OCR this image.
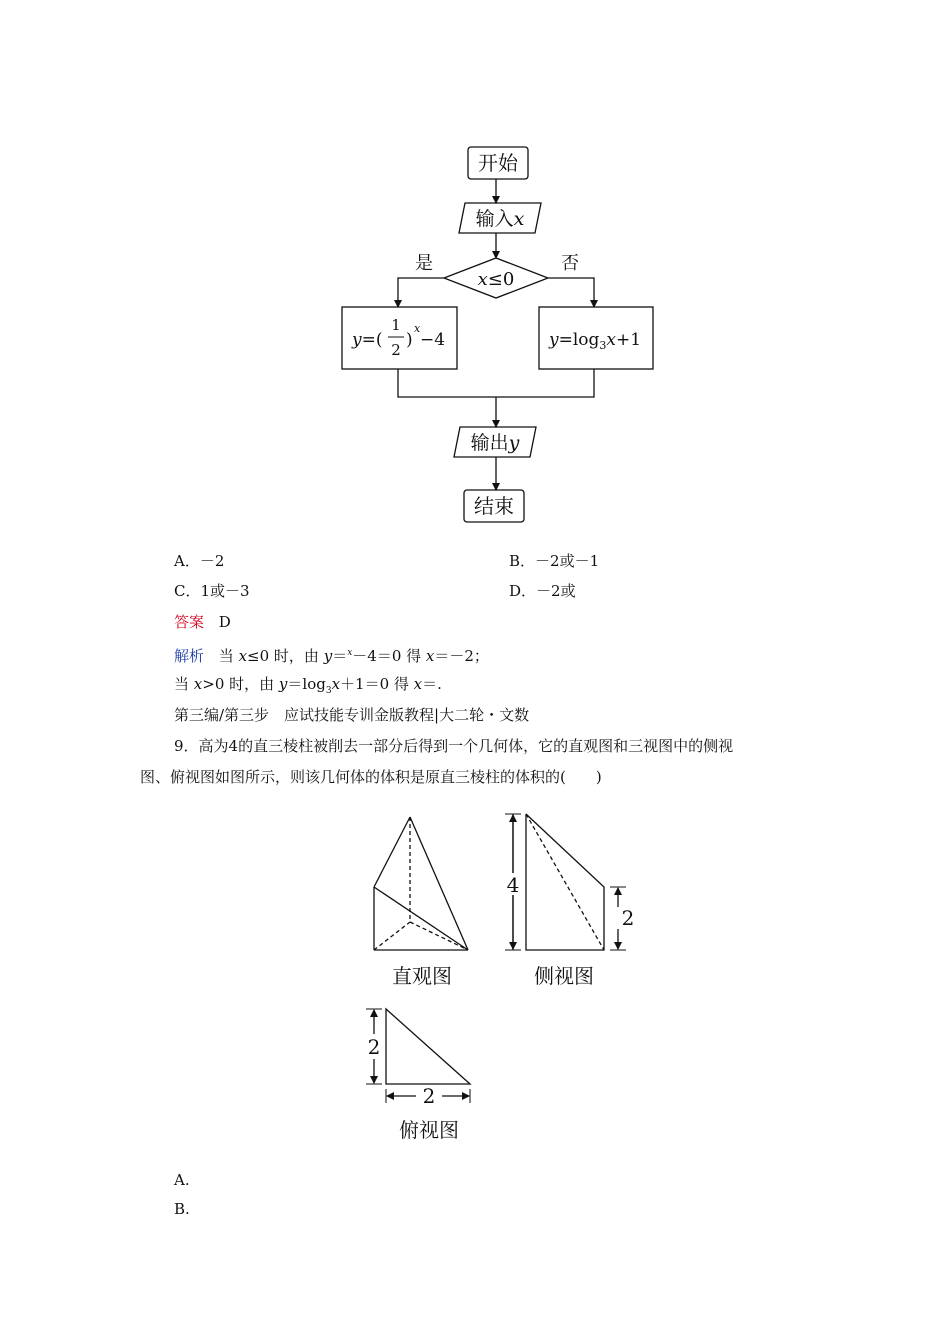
开始
输入x
x≤0
是	否
y=(
1
2 )
x
−4	$y=\log_3x+1$
输出y
结束
A．－2	B．－2或－1
C．1或－3	D．－2或
答案 D
解析 当 x≤0 时，由 y＝$^x$－4＝0 得 x＝－2；
当 x>0 时，由 $y=\log_3x+1=0$ 得 x＝.
第三编/第三步　应试技能专训金版教程|大二轮・文数
9．高为4的直三棱柱被削去一部分后得到一个几何体，它的直观图和三视图中的侧视
图、俯视图如图所示，则该几何体的体积是原直三棱柱的体积的(　　)
直观图
4
2
侧视图
2
2
俯视图
A.
B.
